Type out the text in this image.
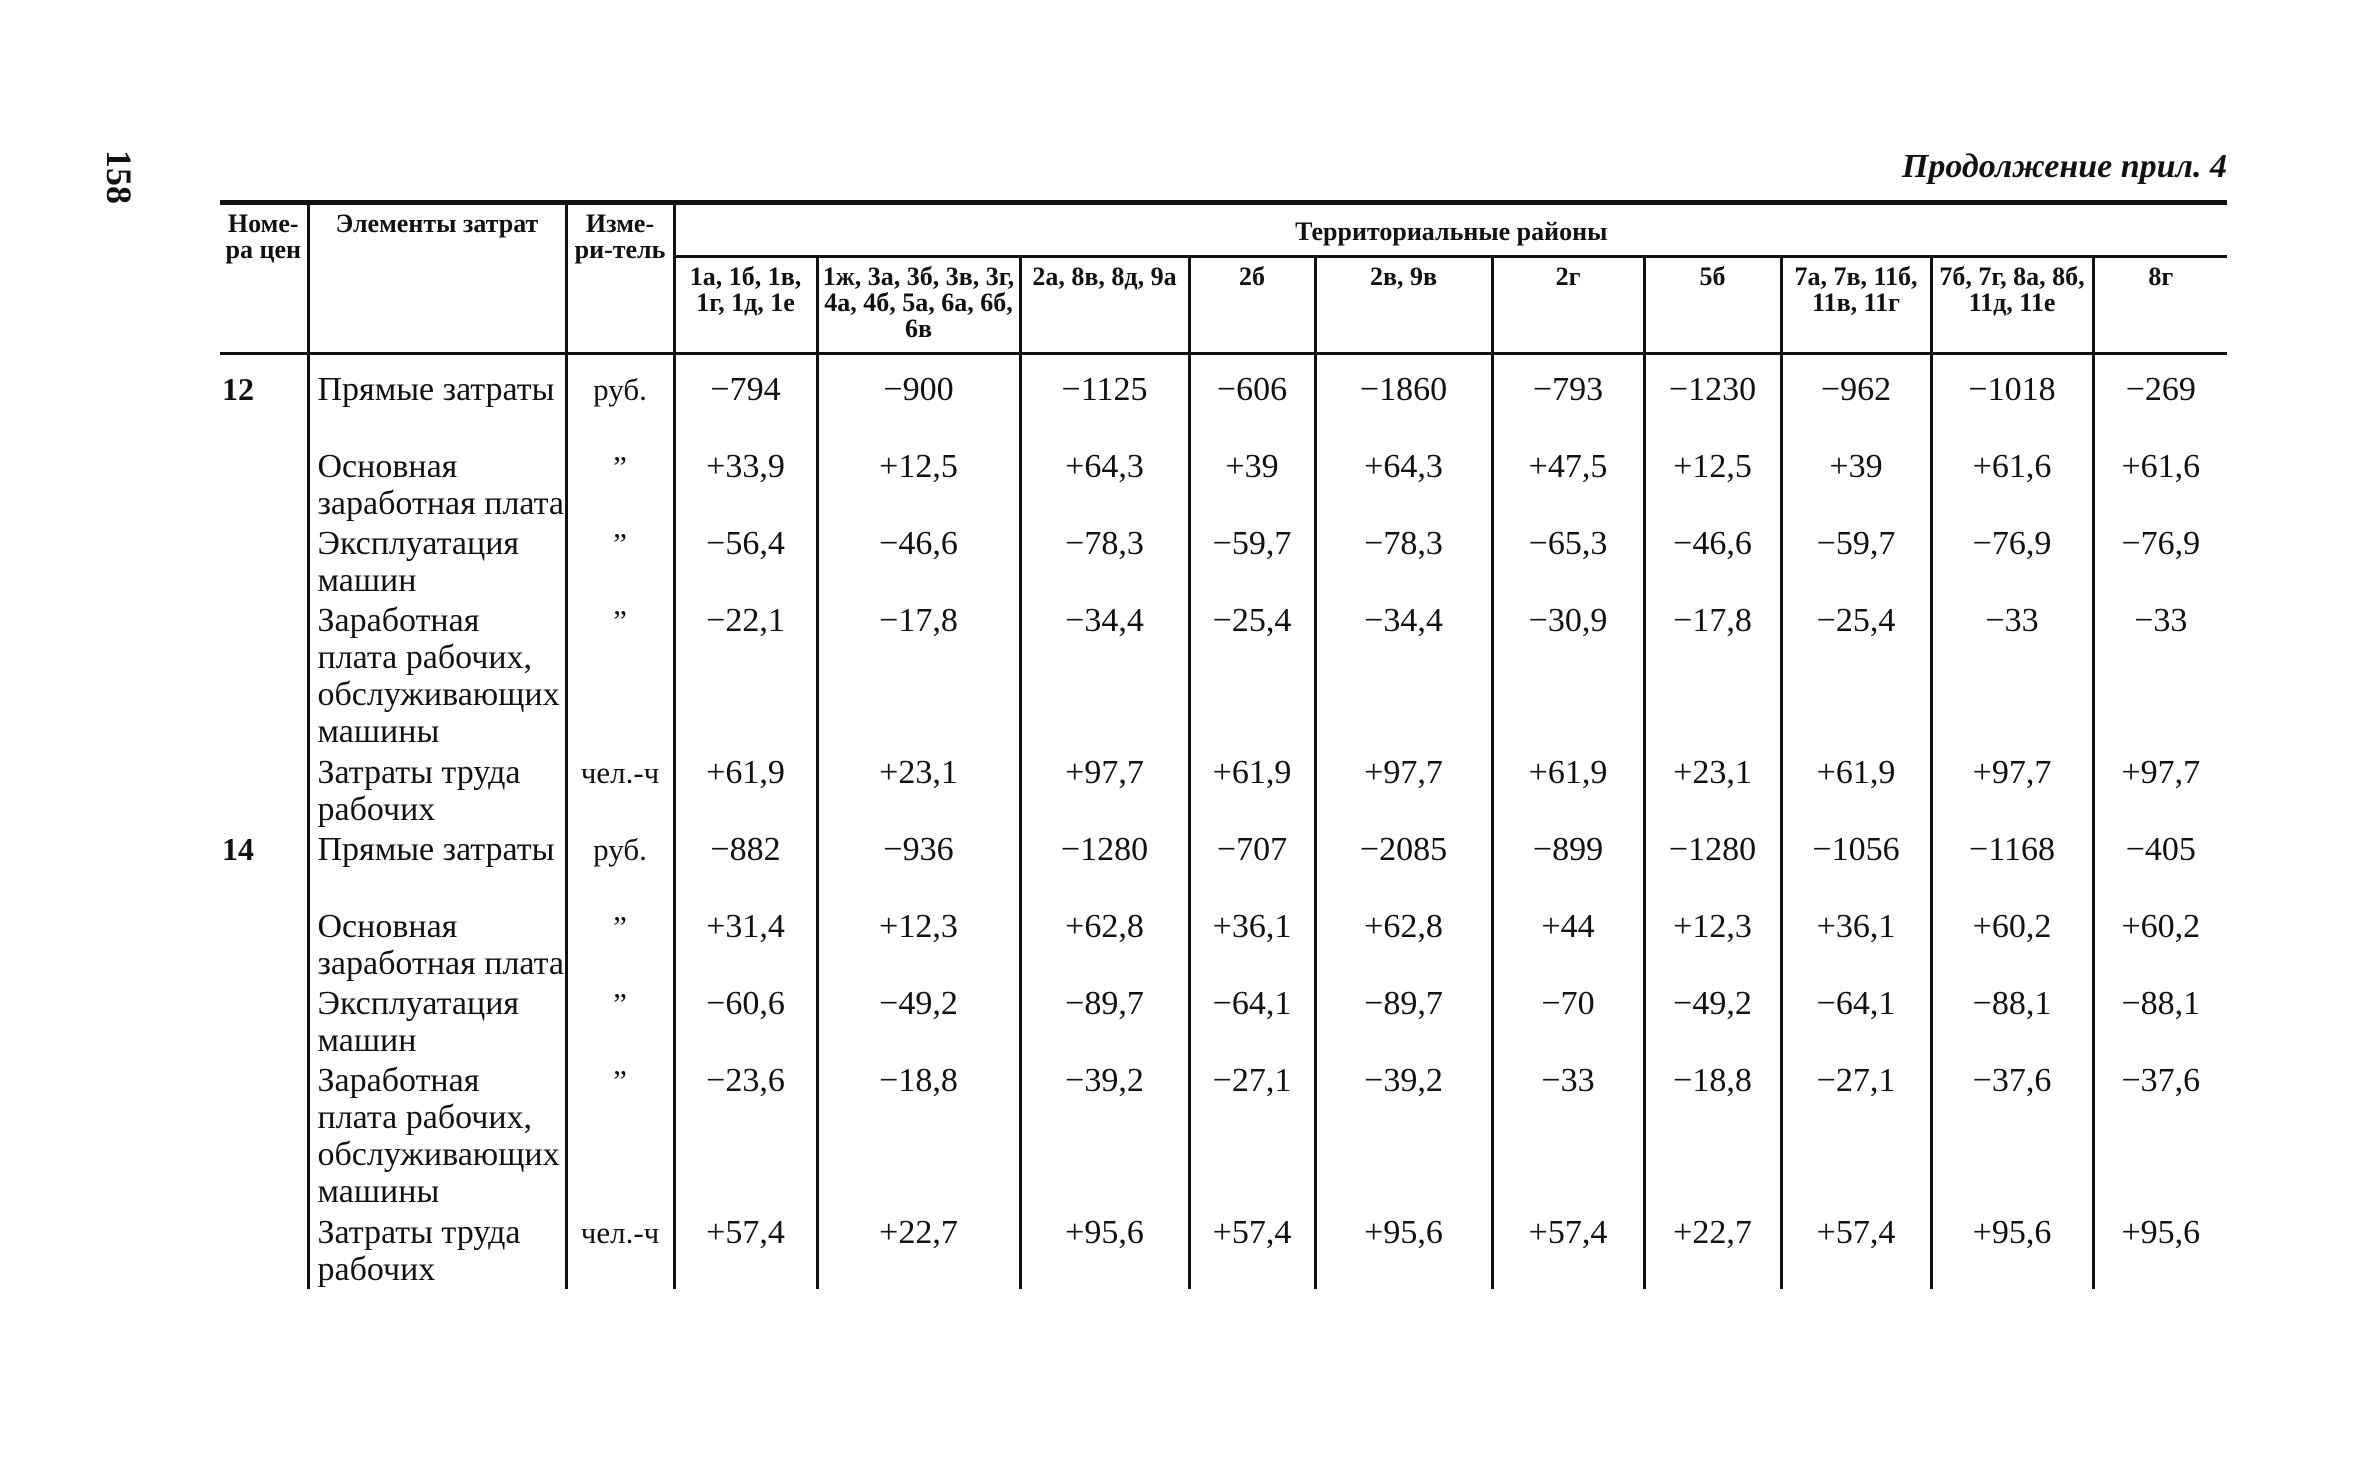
158	Продолжение прил. 4
Номе-ра цен	Элементы затрат	Изме-ри-тель	Территориальные районы									
			1а, 1б, 1в, 1г, 1д, 1е	1ж, 3а, 3б, 3в, 3г, 4а, 4б, 5а, 6а, 6б, 6в	2а, 8в, 8д, 9а	2б	2в, 9в	2г	5б	7а, 7в, 11б, 11в, 11г	7б, 7г, 8а, 8б, 11д, 11е	8г
12	Прямые затраты	руб.	−794	−900	−1125	−606	−1860	−793	−1230	−962	−1018	−269
	Основная заработная плата	”	+33,9	+12,5	+64,3	+39	+64,3	+47,5	+12,5	+39	+61,6	+61,6
	Эксплуатация машин	”	−56,4	−46,6	−78,3	−59,7	−78,3	−65,3	−46,6	−59,7	−76,9	−76,9
	Заработная плата рабочих, обслуживающих машины	”	−22,1	−17,8	−34,4	−25,4	−34,4	−30,9	−17,8	−25,4	−33	−33
	Затраты труда рабочих	чел.-ч	+61,9	+23,1	+97,7	+61,9	+97,7	+61,9	+23,1	+61,9	+97,7	+97,7
14	Прямые затраты	руб.	−882	−936	−1280	−707	−2085	−899	−1280	−1056	−1168	−405
	Основная заработная плата	”	+31,4	+12,3	+62,8	+36,1	+62,8	+44	+12,3	+36,1	+60,2	+60,2
	Эксплуатация машин	”	−60,6	−49,2	−89,7	−64,1	−89,7	−70	−49,2	−64,1	−88,1	−88,1
	Заработная плата рабочих, обслуживающих машины	”	−23,6	−18,8	−39,2	−27,1	−39,2	−33	−18,8	−27,1	−37,6	−37,6
	Затраты труда рабочих	чел.-ч	+57,4	+22,7	+95,6	+57,4	+95,6	+57,4	+22,7	+57,4	+95,6	+95,6
